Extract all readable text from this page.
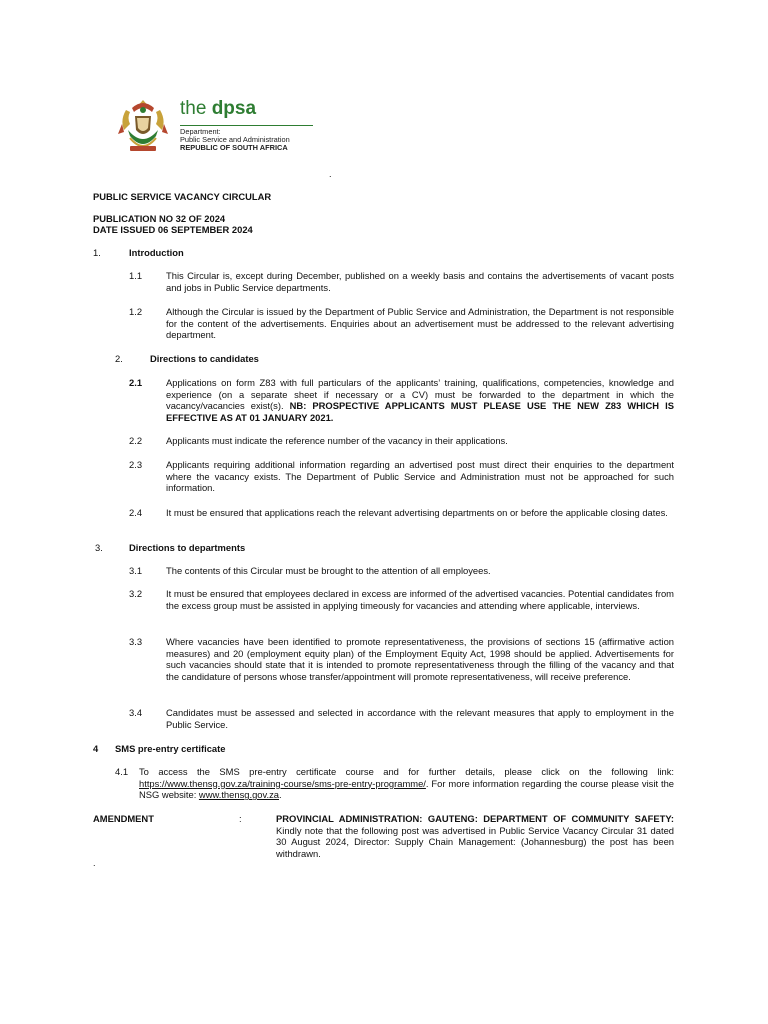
the dpsa
Department:
Public Service and Administration
REPUBLIC OF SOUTH AFRICA
.
PUBLIC SERVICE VACANCY CIRCULAR
PUBLICATION NO 32 OF 2024
DATE ISSUED 06 SEPTEMBER 2024
1.	Introduction
1.1	This Circular is, except during December, published on a weekly basis and contains the advertisements of vacant posts and jobs in Public Service departments.
1.2	Although the Circular is issued by the Department of Public Service and Administration, the Department is not responsible for the content of the advertisements. Enquiries about an advertisement must be addressed to the relevant advertising department.
2.	Directions to candidates
2.1	Applications on form Z83 with full particulars of the applicants’ training, qualifications, competencies, knowledge and experience (on a separate sheet if necessary or a CV) must be forwarded to the department in which the vacancy/vacancies exist(s). NB: PROSPECTIVE APPLICANTS MUST PLEASE USE THE NEW Z83 WHICH IS EFFECTIVE AS AT 01 JANUARY 2021.
2.2	Applicants must indicate the reference number of the vacancy in their applications.
2.3	Applicants requiring additional information regarding an advertised post must direct their enquiries to the department where the vacancy exists. The Department of Public Service and Administration must not be approached for such information.
2.4	It must be ensured that applications reach the relevant advertising departments on or before the applicable closing dates.
3.	Directions to departments
3.1	The contents of this Circular must be brought to the attention of all employees.
3.2	It must be ensured that employees declared in excess are informed of the advertised vacancies. Potential candidates from the excess group must be assisted in applying timeously for vacancies and attending where applicable, interviews.
3.3	Where vacancies have been identified to promote representativeness, the provisions of sections 15 (affirmative action measures) and 20 (employment equity plan) of the Employment Equity Act, 1998 should be applied. Advertisements for such vacancies should state that it is intended to promote representativeness through the filling of the vacancy and that the candidature of persons whose transfer/appointment will promote representativeness, will receive preference.
3.4	Candidates must be assessed and selected in accordance with the relevant measures that apply to employment in the Public Service.
4 SMS pre-entry certificate
4.1 To access the SMS pre-entry certificate course and for further details, please click on the following link: https://www.thensg.gov.za/training-course/sms-pre-entry-programme/. For more information regarding the course please visit the NSG website: www.thensg.gov.za.
AMENDMENT	:	PROVINCIAL ADMINISTRATION: GAUTENG: DEPARTMENT OF COMMUNITY SAFETY: Kindly note that the following post was advertised in Public Service Vacancy Circular 31 dated 30 August 2024, Director: Supply Chain Management: (Johannesburg) the post has been withdrawn.
.
